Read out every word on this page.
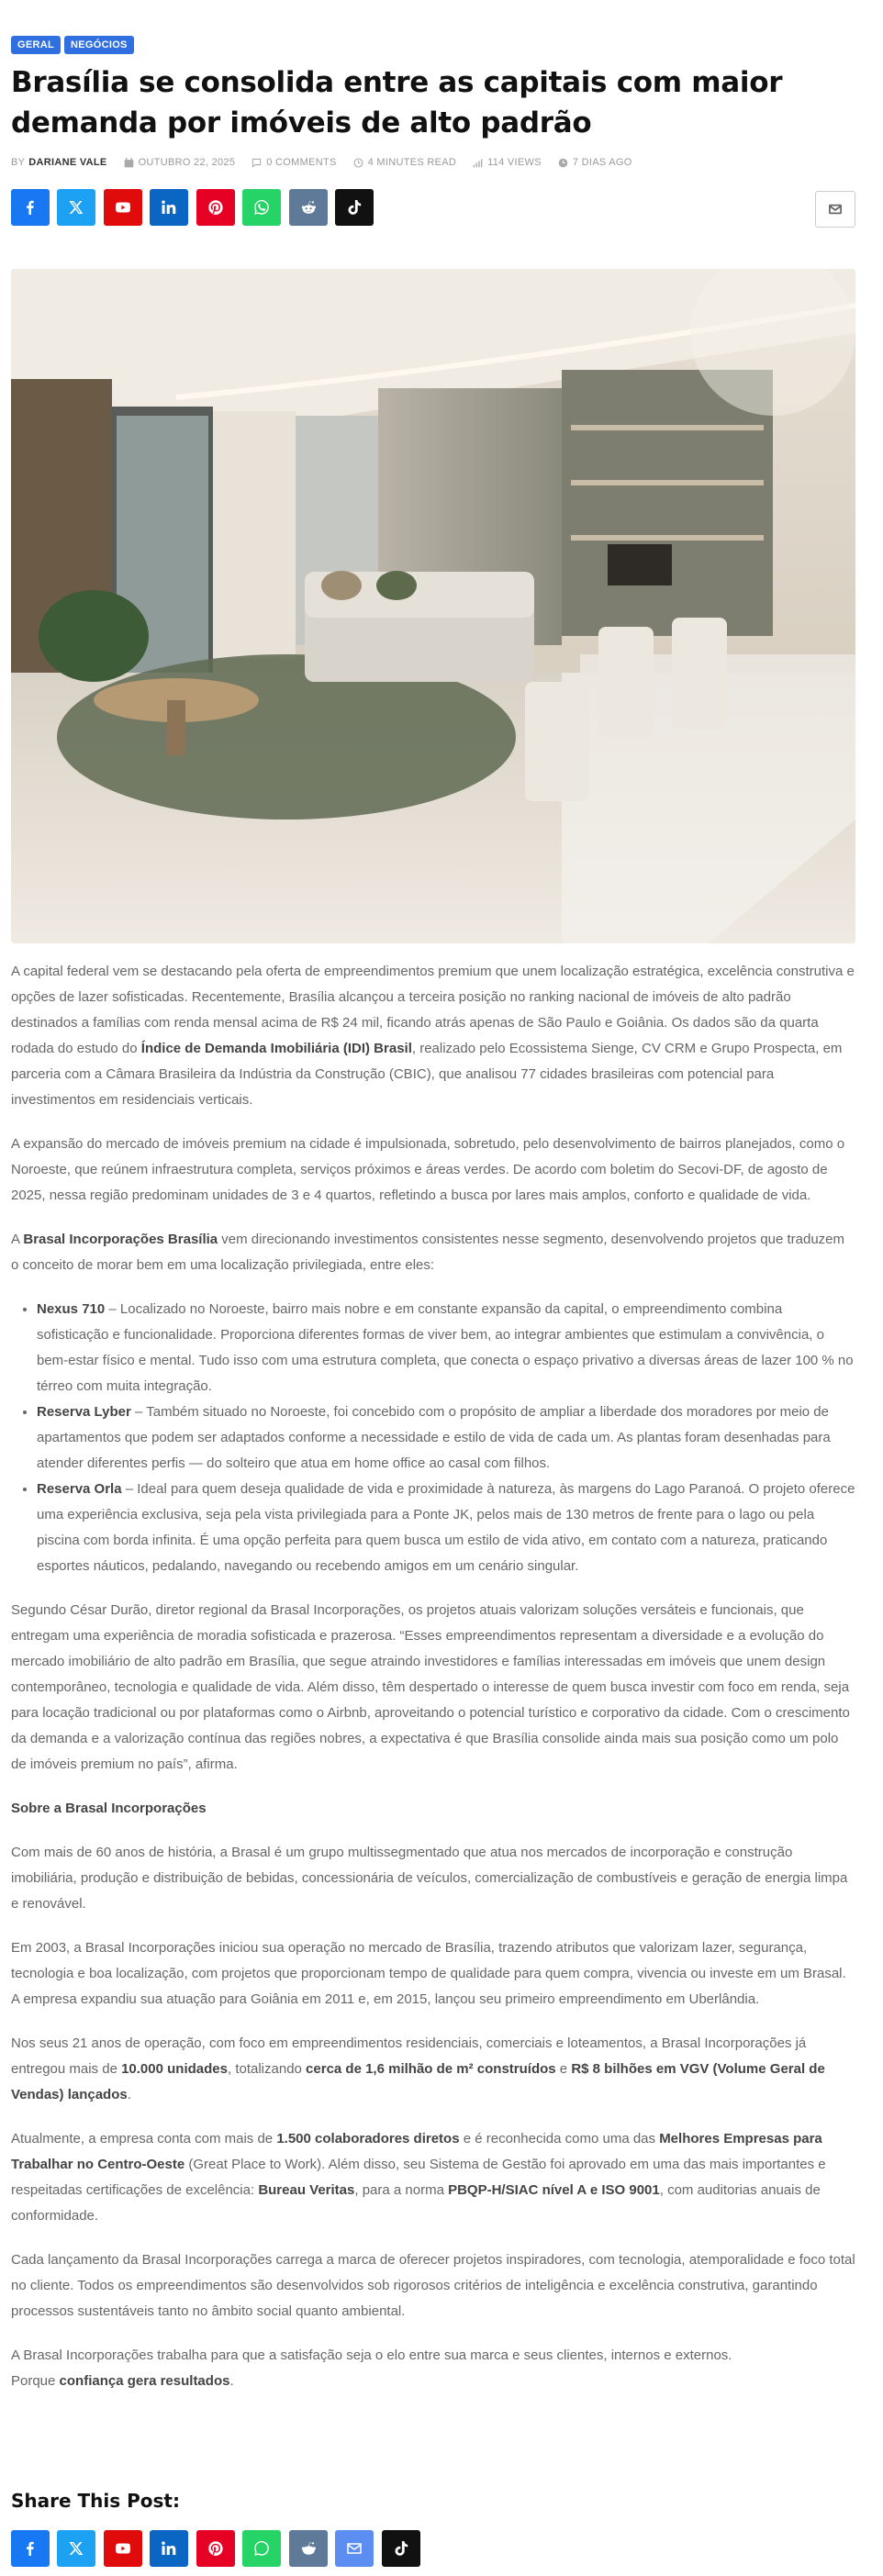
GERAL	NEGÓCIOS
Brasília se consolida entre as capitais com maior demanda por imóveis de alto padrão
BY DARIANE VALE	OUTUBRO 22, 2025	0 COMMENTS	4 MINUTES READ	114 VIEWS	7 DIAS AGO

A capital federal vem se destacando pela oferta de empreendimentos premium que unem localização estratégica, excelência construtiva e opções de lazer sofisticadas. Recentemente, Brasília alcançou a terceira posição no ranking nacional de imóveis de alto padrão destinados a famílias com renda mensal acima de R$ 24 mil, ficando atrás apenas de São Paulo e Goiânia. Os dados são da quarta rodada do estudo do Índice de Demanda Imobiliária (IDI) Brasil, realizado pelo Ecossistema Sienge, CV CRM e Grupo Prospecta, em parceria com a Câmara Brasileira da Indústria da Construção (CBIC), que analisou 77 cidades brasileiras com potencial para investimentos em residenciais verticais.

A expansão do mercado de imóveis premium na cidade é impulsionada, sobretudo, pelo desenvolvimento de bairros planejados, como o Noroeste, que reúnem infraestrutura completa, serviços próximos e áreas verdes. De acordo com boletim do Secovi-DF, de agosto de 2025, nessa região predominam unidades de 3 e 4 quartos, refletindo a busca por lares mais amplos, conforto e qualidade de vida.

A Brasal Incorporações Brasília vem direcionando investimentos consistentes nesse segmento, desenvolvendo projetos que traduzem o conceito de morar bem em uma localização privilegiada, entre eles:

• Nexus 710 – Localizado no Noroeste, bairro mais nobre e em constante expansão da capital, o empreendimento combina sofisticação e funcionalidade. Proporciona diferentes formas de viver bem, ao integrar ambientes que estimulam a convivência, o bem-estar físico e mental. Tudo isso com uma estrutura completa, que conecta o espaço privativo a diversas áreas de lazer 100 % no térreo com muita integração.
• Reserva Lyber – Também situado no Noroeste, foi concebido com o propósito de ampliar a liberdade dos moradores por meio de apartamentos que podem ser adaptados conforme a necessidade e estilo de vida de cada um. As plantas foram desenhadas para atender diferentes perfis — do solteiro que atua em home office ao casal com filhos.
• Reserva Orla – Ideal para quem deseja qualidade de vida e proximidade à natureza, às margens do Lago Paranoá. O projeto oferece uma experiência exclusiva, seja pela vista privilegiada para a Ponte JK, pelos mais de 130 metros de frente para o lago ou pela piscina com borda infinita. É uma opção perfeita para quem busca um estilo de vida ativo, em contato com a natureza, praticando esportes náuticos, pedalando, navegando ou recebendo amigos em um cenário singular.

Segundo César Durão, diretor regional da Brasal Incorporações, os projetos atuais valorizam soluções versáteis e funcionais, que entregam uma experiência de moradia sofisticada e prazerosa. “Esses empreendimentos representam a diversidade e a evolução do mercado imobiliário de alto padrão em Brasília, que segue atraindo investidores e famílias interessadas em imóveis que unem design contemporâneo, tecnologia e qualidade de vida. Além disso, têm despertado o interesse de quem busca investir com foco em renda, seja para locação tradicional ou por plataformas como o Airbnb, aproveitando o potencial turístico e corporativo da cidade. Com o crescimento da demanda e a valorização contínua das regiões nobres, a expectativa é que Brasília consolide ainda mais sua posição como um polo de imóveis premium no país”, afirma.

Sobre a Brasal Incorporações

Com mais de 60 anos de história, a Brasal é um grupo multissegmentado que atua nos mercados de incorporação e construção imobiliária, produção e distribuição de bebidas, concessionária de veículos, comercialização de combustíveis e geração de energia limpa e renovável.

Em 2003, a Brasal Incorporações iniciou sua operação no mercado de Brasília, trazendo atributos que valorizam lazer, segurança, tecnologia e boa localização, com projetos que proporcionam tempo de qualidade para quem compra, vivencia ou investe em um Brasal. A empresa expandiu sua atuação para Goiânia em 2011 e, em 2015, lançou seu primeiro empreendimento em Uberlândia.

Nos seus 21 anos de operação, com foco em empreendimentos residenciais, comerciais e loteamentos, a Brasal Incorporações já entregou mais de 10.000 unidades, totalizando cerca de 1,6 milhão de m² construídos e R$ 8 bilhões em VGV (Volume Geral de Vendas) lançados.

Atualmente, a empresa conta com mais de 1.500 colaboradores diretos e é reconhecida como uma das Melhores Empresas para Trabalhar no Centro-Oeste (Great Place to Work). Além disso, seu Sistema de Gestão foi aprovado em uma das mais importantes e respeitadas certificações de excelência: Bureau Veritas, para a norma PBQP-H/SIAC nível A e ISO 9001, com auditorias anuais de conformidade.

Cada lançamento da Brasal Incorporações carrega a marca de oferecer projetos inspiradores, com tecnologia, atemporalidade e foco total no cliente. Todos os empreendimentos são desenvolvidos sob rigorosos critérios de inteligência e excelência construtiva, garantindo processos sustentáveis tanto no âmbito social quanto ambiental.

A Brasal Incorporações trabalha para que a satisfação seja o elo entre sua marca e seus clientes, internos e externos.
Porque confiança gera resultados.

Share This Post:
